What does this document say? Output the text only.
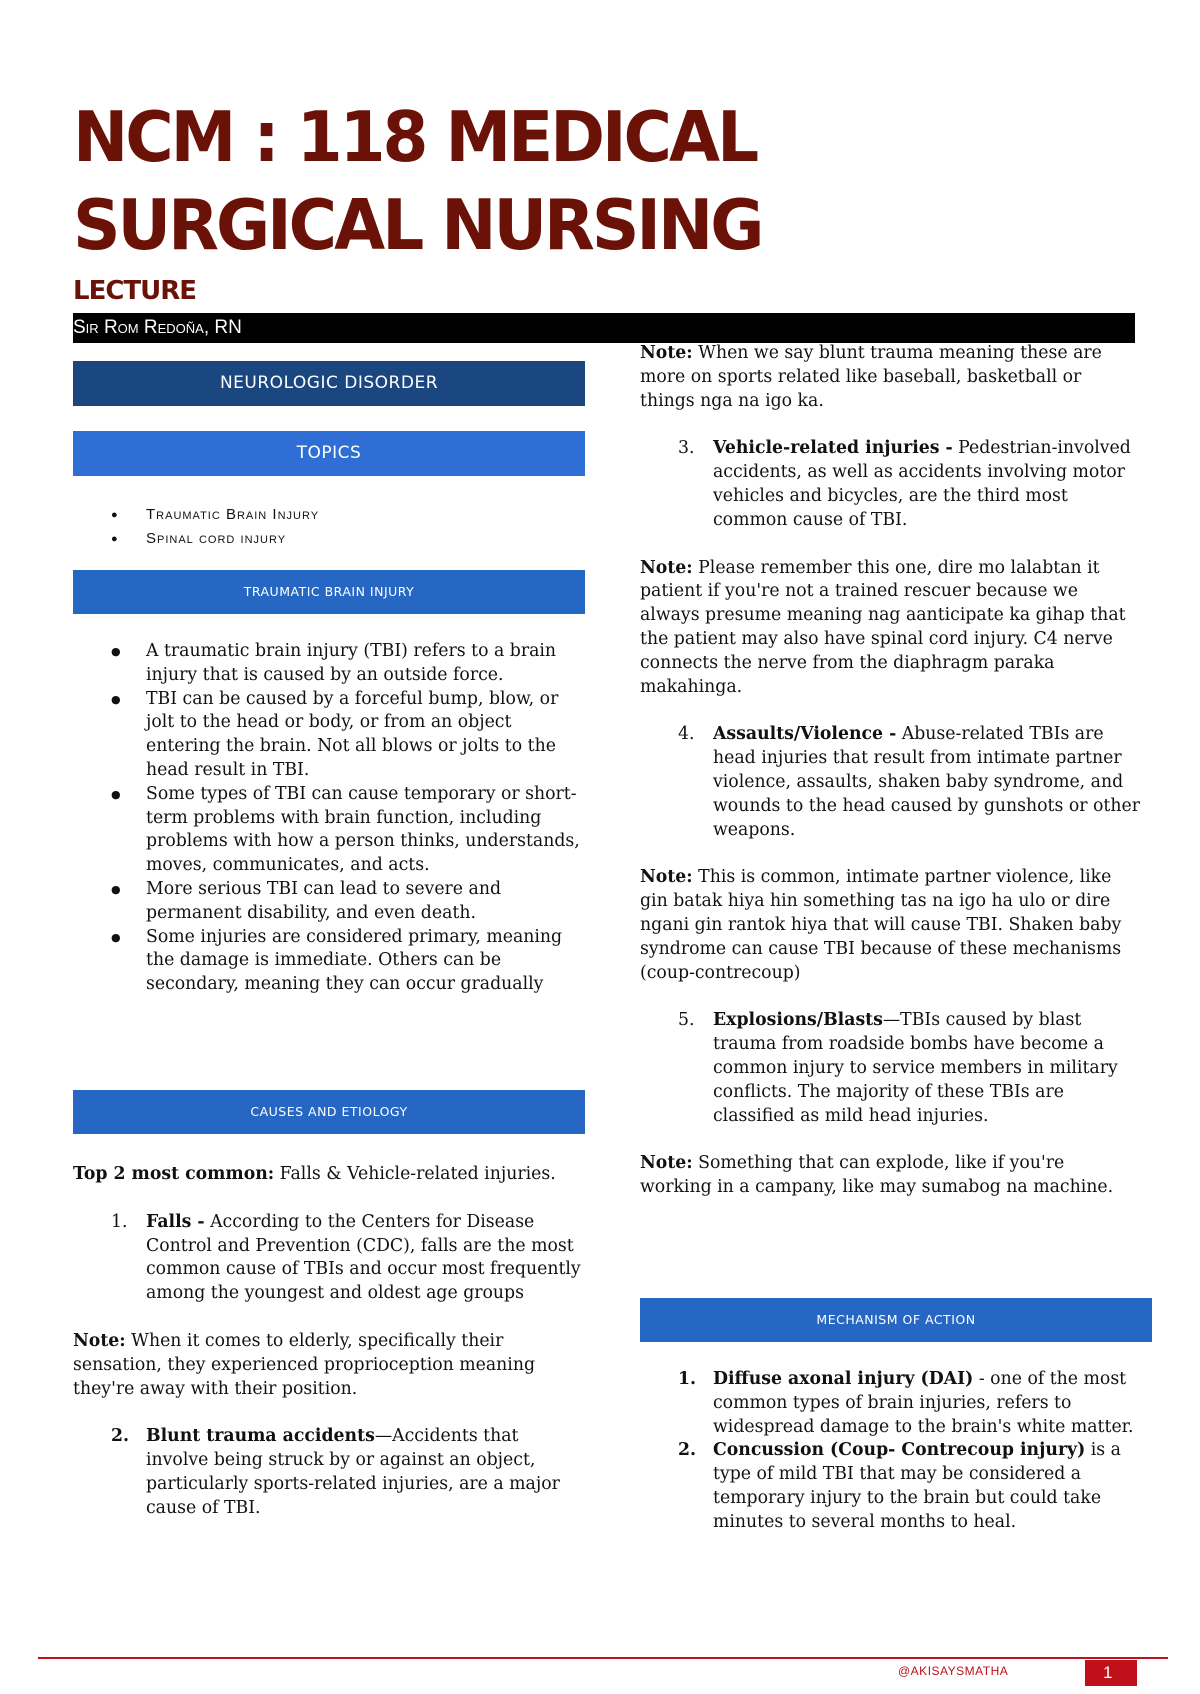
NCM : 118 MEDICAL SURGICAL NURSING
LECTURE
Sir Rom Redoña, RN
NEUROLOGIC DISORDER
TOPICS
● Traumatic Brain Injury
● Spinal cord injury
TRAUMATIC BRAIN INJURY
● A traumatic brain injury (TBI) refers to a brain injury that is caused by an outside force.
● TBI can be caused by a forceful bump, blow, or jolt to the head or body, or from an object entering the brain. Not all blows or jolts to the head result in TBI.
● Some types of TBI can cause temporary or short-term problems with brain function, including problems with how a person thinks, understands, moves, communicates, and acts.
● More serious TBI can lead to severe and permanent disability, and even death.
● Some injuries are considered primary, meaning the damage is immediate. Others can be secondary, meaning they can occur gradually
CAUSES AND ETIOLOGY

Top 2 most common: Falls & Vehicle-related injuries.

1. Falls - According to the Centers for Disease Control and Prevention (CDC), falls are the most common cause of TBIs and occur most frequently among the youngest and oldest age groups

Note: When it comes to elderly, specifically their sensation, they experienced proprioception meaning they're away with their position.

2. Blunt trauma accidents—Accidents that involve being struck by or against an object, particularly sports-related injuries, are a major cause of TBI.

Note: When we say blunt trauma meaning these are more on sports related like baseball, basketball or things nga na igo ka.

3. Vehicle-related injuries - Pedestrian-involved accidents, as well as accidents involving motor vehicles and bicycles, are the third most common cause of TBI.

Note: Please remember this one, dire mo lalabtan it patient if you're not a trained rescuer because we always presume meaning nag aanticipate ka gihap that the patient may also have spinal cord injury. C4 nerve connects the nerve from the diaphragm paraka makahinga.

4. Assaults/Violence - Abuse-related TBIs are head injuries that result from intimate partner violence, assaults, shaken baby syndrome, and wounds to the head caused by gunshots or other weapons.

Note: This is common, intimate partner violence, like gin batak hiya hin something tas na igo ha ulo or dire ngani gin rantok hiya that will cause TBI. Shaken baby syndrome can cause TBI because of these mechanisms (coup-contrecoup)

5. Explosions/Blasts—TBIs caused by blast trauma from roadside bombs have become a common injury to service members in military conflicts. The majority of these TBIs are classified as mild head injuries.

Note: Something that can explode, like if you're working in a campany, like may sumabog na machine.

MECHANISM OF ACTION
1. Diffuse axonal injury (DAI) - one of the most common types of brain injuries, refers to widespread damage to the brain's white matter.
2. Concussion (Coup- Contrecoup injury) is a type of mild TBI that may be considered a temporary injury to the brain but could take minutes to several months to heal.
@AKISAYSMATHA	1
